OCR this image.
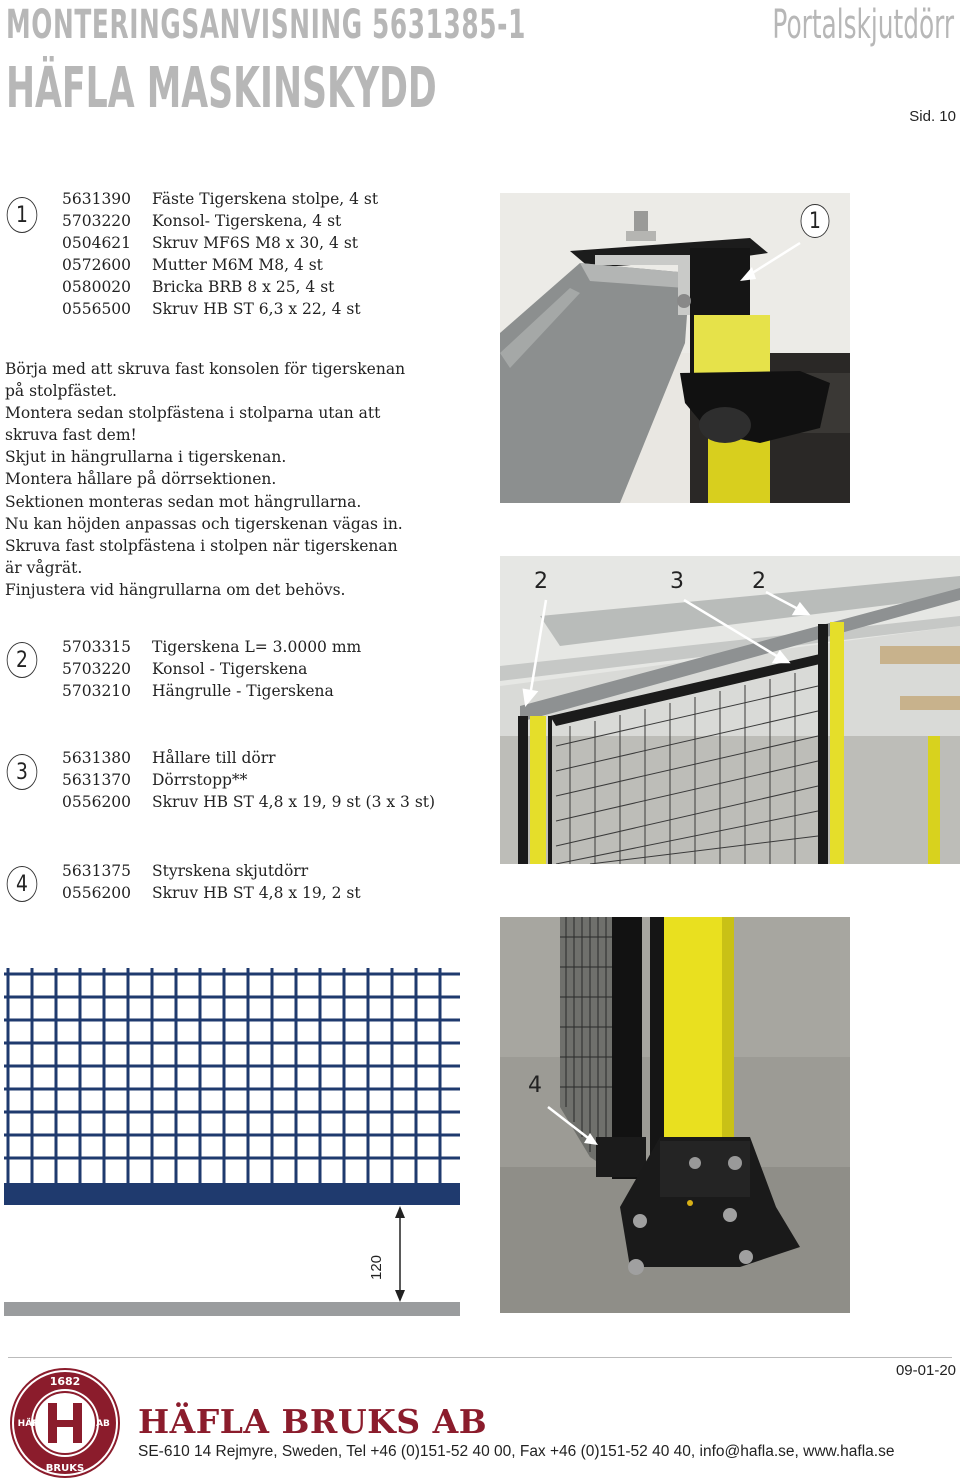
MONTERINGSANVISNING 5631385-1
HÄFLA MASKINSKYDD
Portalskjutdörr
Sid. 10
1
5631390	Fäste Tigerskena stolpe, 4 st
5703220	Konsol- Tigerskena, 4 st
0504621	Skruv MF6S M8 x 30, 4 st
0572600	Mutter M6M M8, 4 st
0580020	Bricka BRB 8 x 25, 4 st
0556500	Skruv HB ST 6,3 x 22, 4 st
Börja med att skruva fast konsolen för tigerskenan
på stolpfästet.
Montera sedan stolpfästena i stolparna utan att
skruva fast dem!
Skjut in hängrullarna i tigerskenan.
Montera hållare på dörrsektionen.
Sektionen monteras sedan mot hängrullarna.
Nu kan höjden anpassas och tigerskenan vägas in.
Skruva fast stolpfästena i stolpen när tigerskenan
är vågrät.
Finjustera vid hängrullarna om det behövs.
2
5703315	Tigerskena L= 3.0000 mm
5703220	Konsol - Tigerskena
5703210	Hängrulle - Tigerskena
3
5631380	Hållare till dörr
5631370	Dörrstopp**
0556200	Skruv HB ST 4,8 x 19, 9 st (3 x 3 st)
4
5631375	Styrskena skjutdörr
0556200	Skruv HB ST 4,8 x 19, 2 st
1
2	3	2
120
4
09-01-20
1682
BRUKS
HÄF	AB HÄFLA BRUKS AB
SE-610 14 Rejmyre, Sweden, Tel +46 (0)151-52 40 00, Fax +46 (0)151-52 40 40, info@hafla.se, www.hafla.se
